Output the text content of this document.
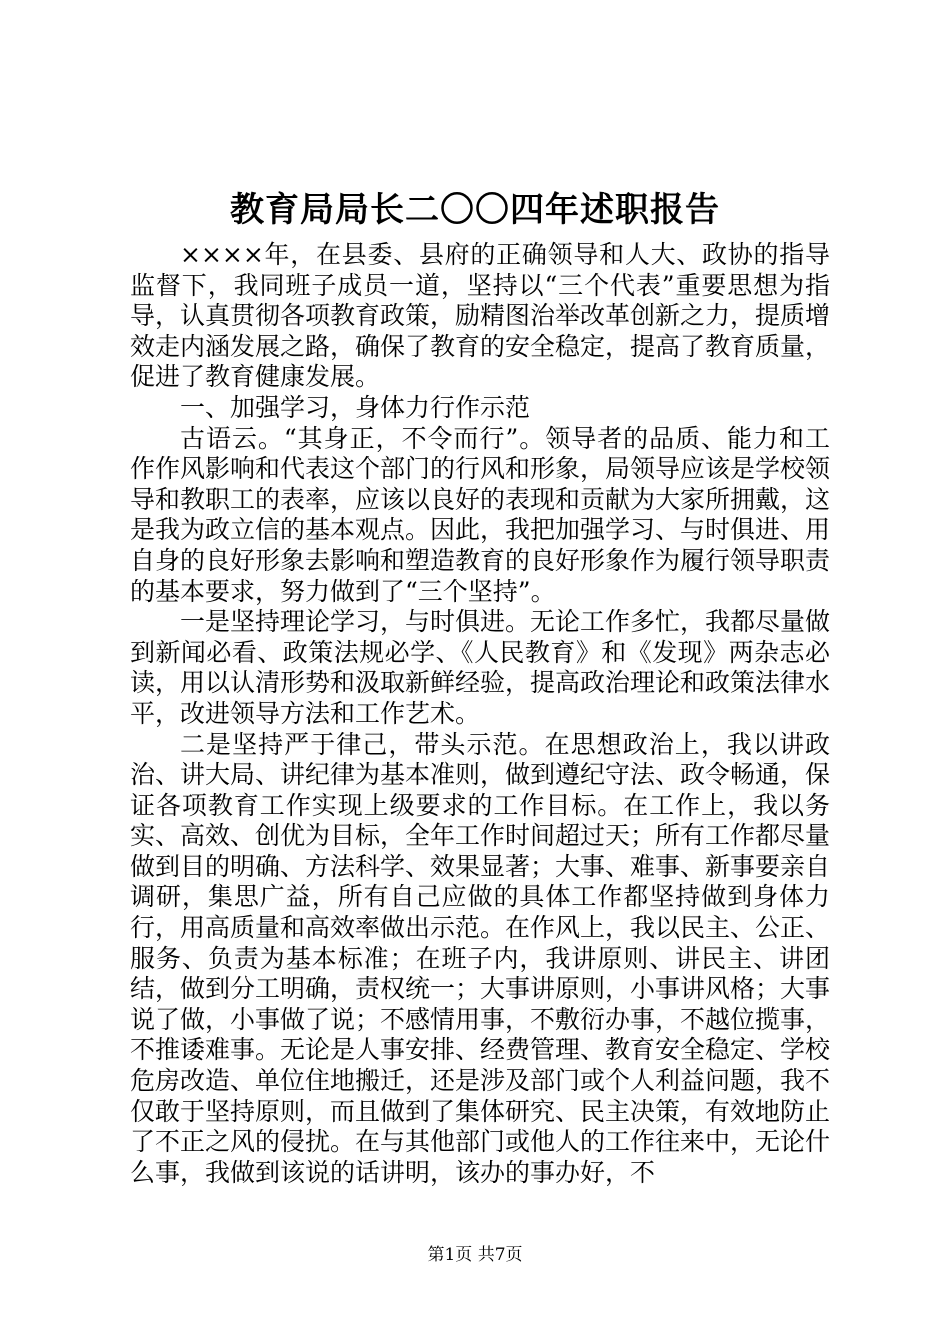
教育局局长二〇〇四年述职报告

××××年，在县委、县府的正确领导和人大、政协的指导监督下，我同班子成员一道，坚持以“三个代表”重要思想为指导，认真贯彻各项教育政策，励精图治举改革创新之力，提质增效走内涵发展之路，确保了教育的安全稳定，提高了教育质量，促进了教育健康发展。

一、加强学习，身体力行作示范

古语云。“其身正，不令而行”。领导者的品质、能力和工作作风影响和代表这个部门的行风和形象，局领导应该是学校领导和教职工的表率，应该以良好的表现和贡献为大家所拥戴，这是我为政立信的基本观点。因此，我把加强学习、与时俱进、用自身的良好形象去影响和塑造教育的良好形象作为履行领导职责的基本要求，努力做到了“三个坚持”。

一是坚持理论学习，与时俱进。无论工作多忙，我都尽量做到新闻必看、政策法规必学、《人民教育》和《发现》两杂志必读，用以认清形势和汲取新鲜经验，提高政治理论和政策法律水平，改进领导方法和工作艺术。

二是坚持严于律己，带头示范。在思想政治上，我以讲政治、讲大局、讲纪律为基本准则，做到遵纪守法、政令畅通，保证各项教育工作实现上级要求的工作目标。在工作上，我以务实、高效、创优为目标，全年工作时间超过天；所有工作都尽量做到目的明确、方法科学、效果显著；大事、难事、新事要亲自调研，集思广益，所有自己应做的具体工作都坚持做到身体力行，用高质量和高效率做出示范。在作风上，我以民主、公正、服务、负责为基本标准；在班子内，我讲原则、讲民主、讲团结，做到分工明确，责权统一；大事讲原则，小事讲风格；大事说了做，小事做了说；不感情用事，不敷衍办事，不越位揽事，不推诿难事。无论是人事安排、经费管理、教育安全稳定、学校危房改造、单位住地搬迁，还是涉及部门或个人利益问题，我不仅敢于坚持原则，而且做到了集体研究、民主决策，有效地防止了不正之风的侵扰。在与其他部门或他人的工作往来中，无论什么事，我做到该说的话讲明，该办的事办好，不

第1页 共7页
